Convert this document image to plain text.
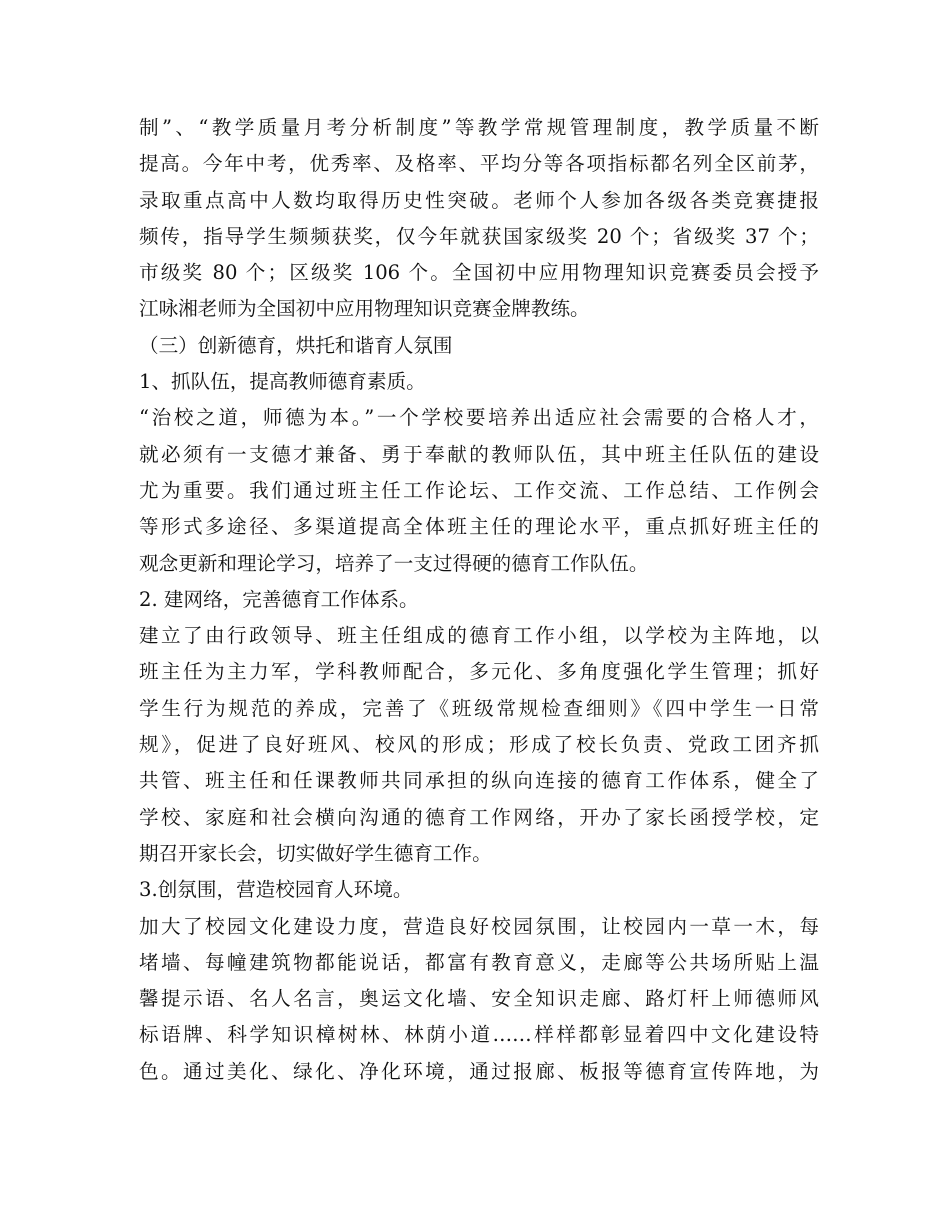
制”、“教学质量月考分析制度”等教学常规管理制度，教学质量不断
提高。今年中考，优秀率、及格率、平均分等各项指标都名列全区前茅，
录取重点高中人数均取得历史性突破。老师个人参加各级各类竞赛捷报
频传，指导学生频频获奖，仅今年就获国家级奖 20 个；省级奖 37 个；
市级奖 80 个；区级奖 106 个。全国初中应用物理知识竞赛委员会授予
江咏湘老师为全国初中应用物理知识竞赛金牌教练。
（三）创新德育，烘托和谐育人氛围
1、抓队伍，提高教师德育素质。
“治校之道，师德为本。”一个学校要培养出适应社会需要的合格人才，
就必须有一支德才兼备、勇于奉献的教师队伍，其中班主任队伍的建设
尤为重要。我们通过班主任工作论坛、工作交流、工作总结、工作例会
等形式多途径、多渠道提高全体班主任的理论水平，重点抓好班主任的
观念更新和理论学习，培养了一支过得硬的德育工作队伍。
2. 建网络，完善德育工作体系。
建立了由行政领导、班主任组成的德育工作小组，以学校为主阵地，以
班主任为主力军，学科教师配合，多元化、多角度强化学生管理；抓好
学生行为规范的养成，完善了《班级常规检查细则》《四中学生一日常
规》，促进了良好班风、校风的形成；形成了校长负责、党政工团齐抓
共管、班主任和任课教师共同承担的纵向连接的德育工作体系，健全了
学校、家庭和社会横向沟通的德育工作网络，开办了家长函授学校，定
期召开家长会，切实做好学生德育工作。
3.创氛围，营造校园育人环境。
加大了校园文化建设力度，营造良好校园氛围，让校园内一草一木，每
堵墙、每幢建筑物都能说话，都富有教育意义，走廊等公共场所贴上温
馨提示语、名人名言，奥运文化墙、安全知识走廊、路灯杆上师德师风
标语牌、科学知识樟树林、林荫小道……样样都彰显着四中文化建设特
色。通过美化、绿化、净化环境，通过报廊、板报等德育宣传阵地，为
